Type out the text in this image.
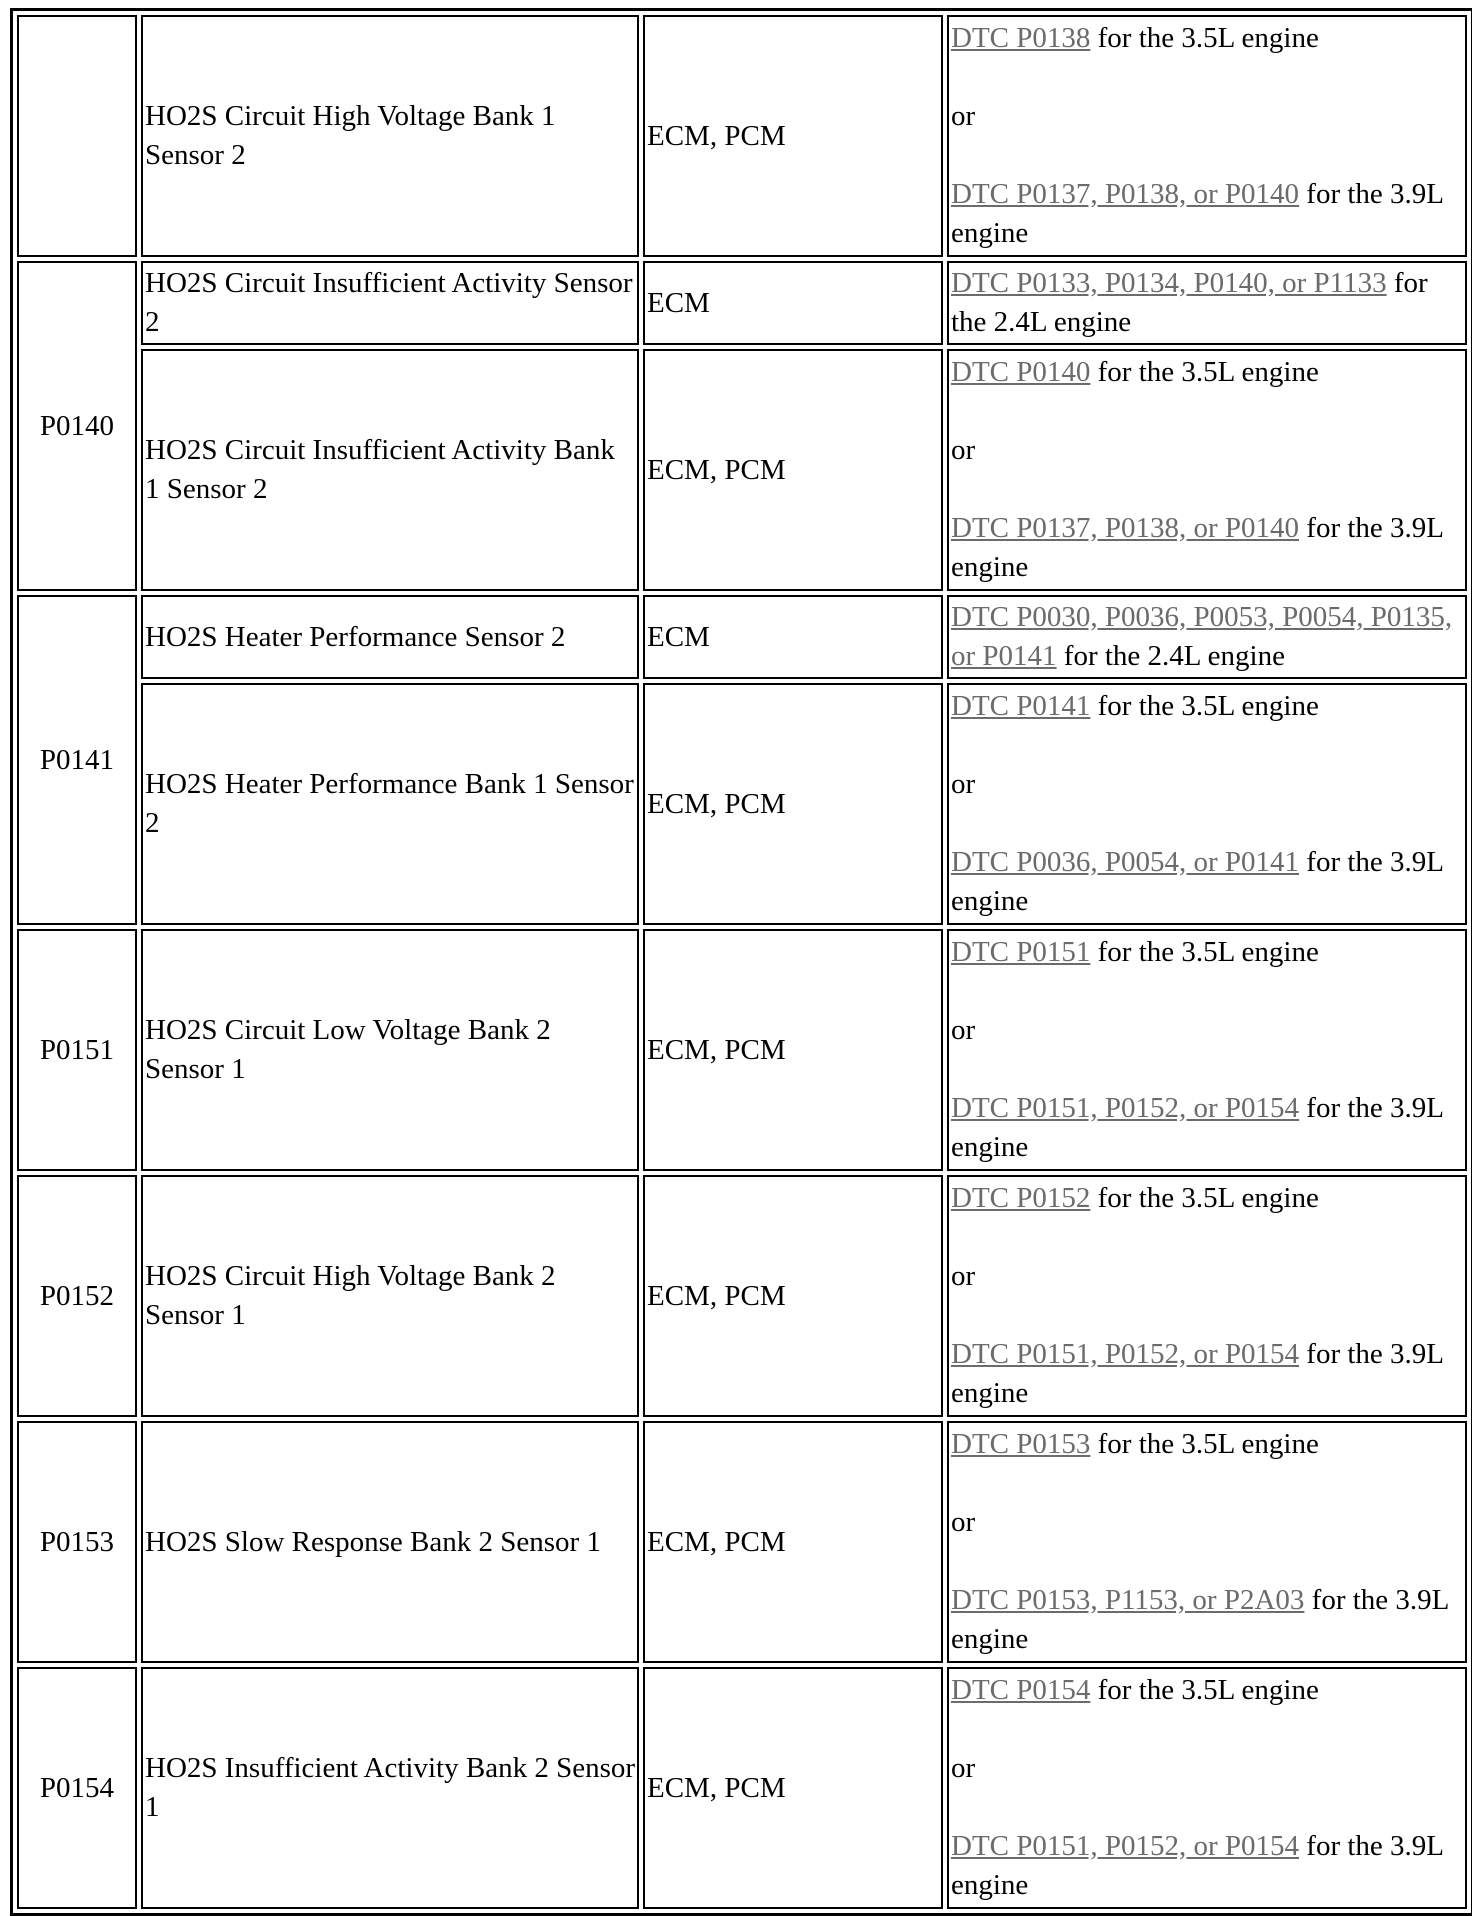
	HO2S Circuit High Voltage Bank 1 Sensor 2	ECM, PCM	DTC P0138 for the 3.5L engine

or

DTC P0137, P0138, or P0140 for the 3.9L engine

P0140	HO2S Circuit Insufficient Activity Sensor 2	ECM	DTC P0133, P0134, P0140, or P1133 for the 2.4L engine
	HO2S Circuit Insufficient Activity Bank 1 Sensor 2	ECM, PCM	DTC P0140 for the 3.5L engine

or

DTC P0137, P0138, or P0140 for the 3.9L engine

P0141	HO2S Heater Performance Sensor 2	ECM	DTC P0030, P0036, P0053, P0054, P0135, or P0141 for the 2.4L engine
	HO2S Heater Performance Bank 1 Sensor 2	ECM, PCM	DTC P0141 for the 3.5L engine

or

DTC P0036, P0054, or P0141 for the 3.9L engine

P0151	HO2S Circuit Low Voltage Bank 2 Sensor 1	ECM, PCM	DTC P0151 for the 3.5L engine

or

DTC P0151, P0152, or P0154 for the 3.9L engine

P0152	HO2S Circuit High Voltage Bank 2 Sensor 1	ECM, PCM	DTC P0152 for the 3.5L engine

or

DTC P0151, P0152, or P0154 for the 3.9L engine

P0153	HO2S Slow Response Bank 2 Sensor 1	ECM, PCM	DTC P0153 for the 3.5L engine

or

DTC P0153, P1153, or P2A03 for the 3.9L engine

P0154	HO2S Insufficient Activity Bank 2 Sensor 1	ECM, PCM	DTC P0154 for the 3.5L engine

or

DTC P0151, P0152, or P0154 for the 3.9L engine
